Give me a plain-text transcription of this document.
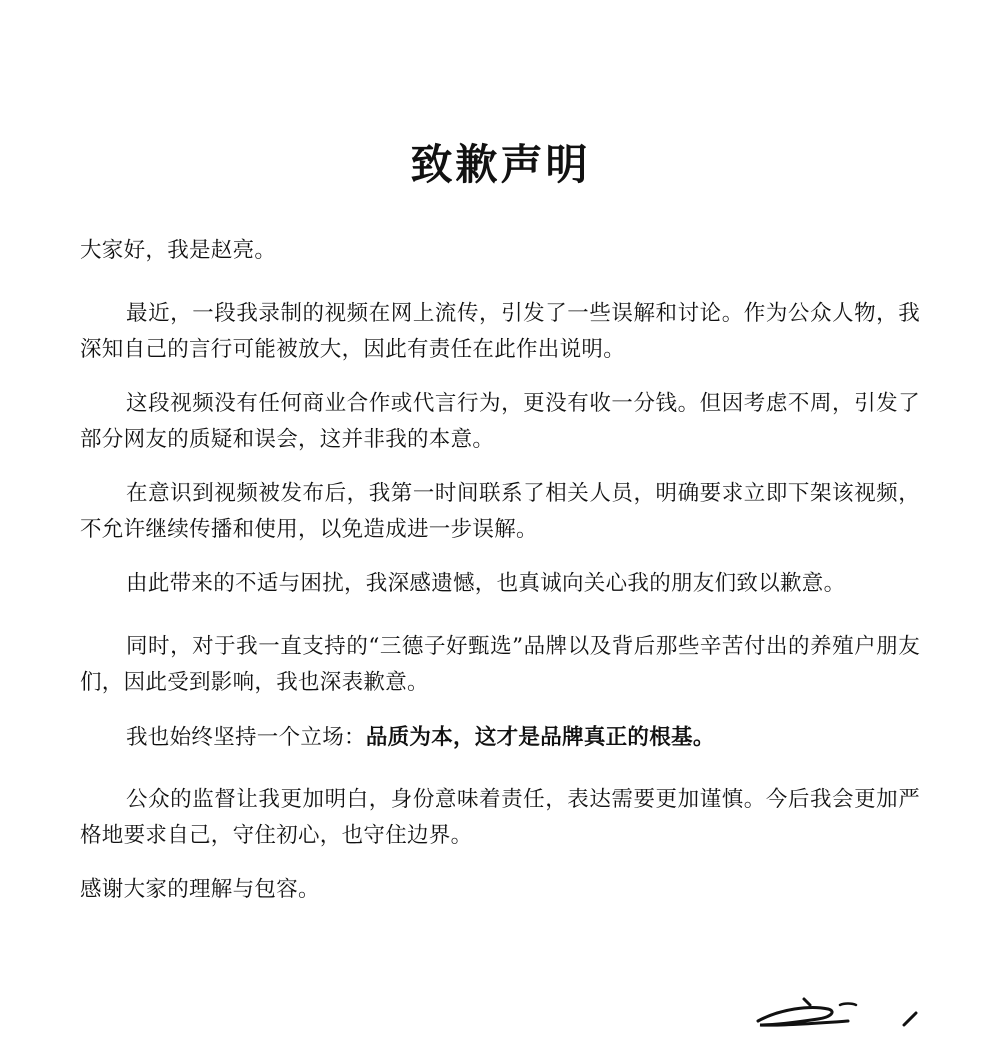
致歉声明
大家好，我是赵亮。
最近，一段我录制的视频在网上流传，引发了一些误解和讨论。作为公众人物，我深知自己的言行可能被放大，因此有责任在此作出说明。
这段视频没有任何商业合作或代言行为，更没有收一分钱。但因考虑不周，引发了部分网友的质疑和误会，这并非我的本意。
在意识到视频被发布后，我第一时间联系了相关人员，明确要求立即下架该视频，不允许继续传播和使用，以免造成进一步误解。
由此带来的不适与困扰，我深感遗憾，也真诚向关心我的朋友们致以歉意。
同时，对于我一直支持的“三德子好甄选”品牌以及背后那些辛苦付出的养殖户朋友们，因此受到影响，我也深表歉意。
我也始终坚持一个立场：品质为本，这才是品牌真正的根基。
公众的监督让我更加明白，身份意味着责任，表达需要更加谨慎。今后我会更加严格地要求自己，守住初心，也守住边界。
感谢大家的理解与包容。
